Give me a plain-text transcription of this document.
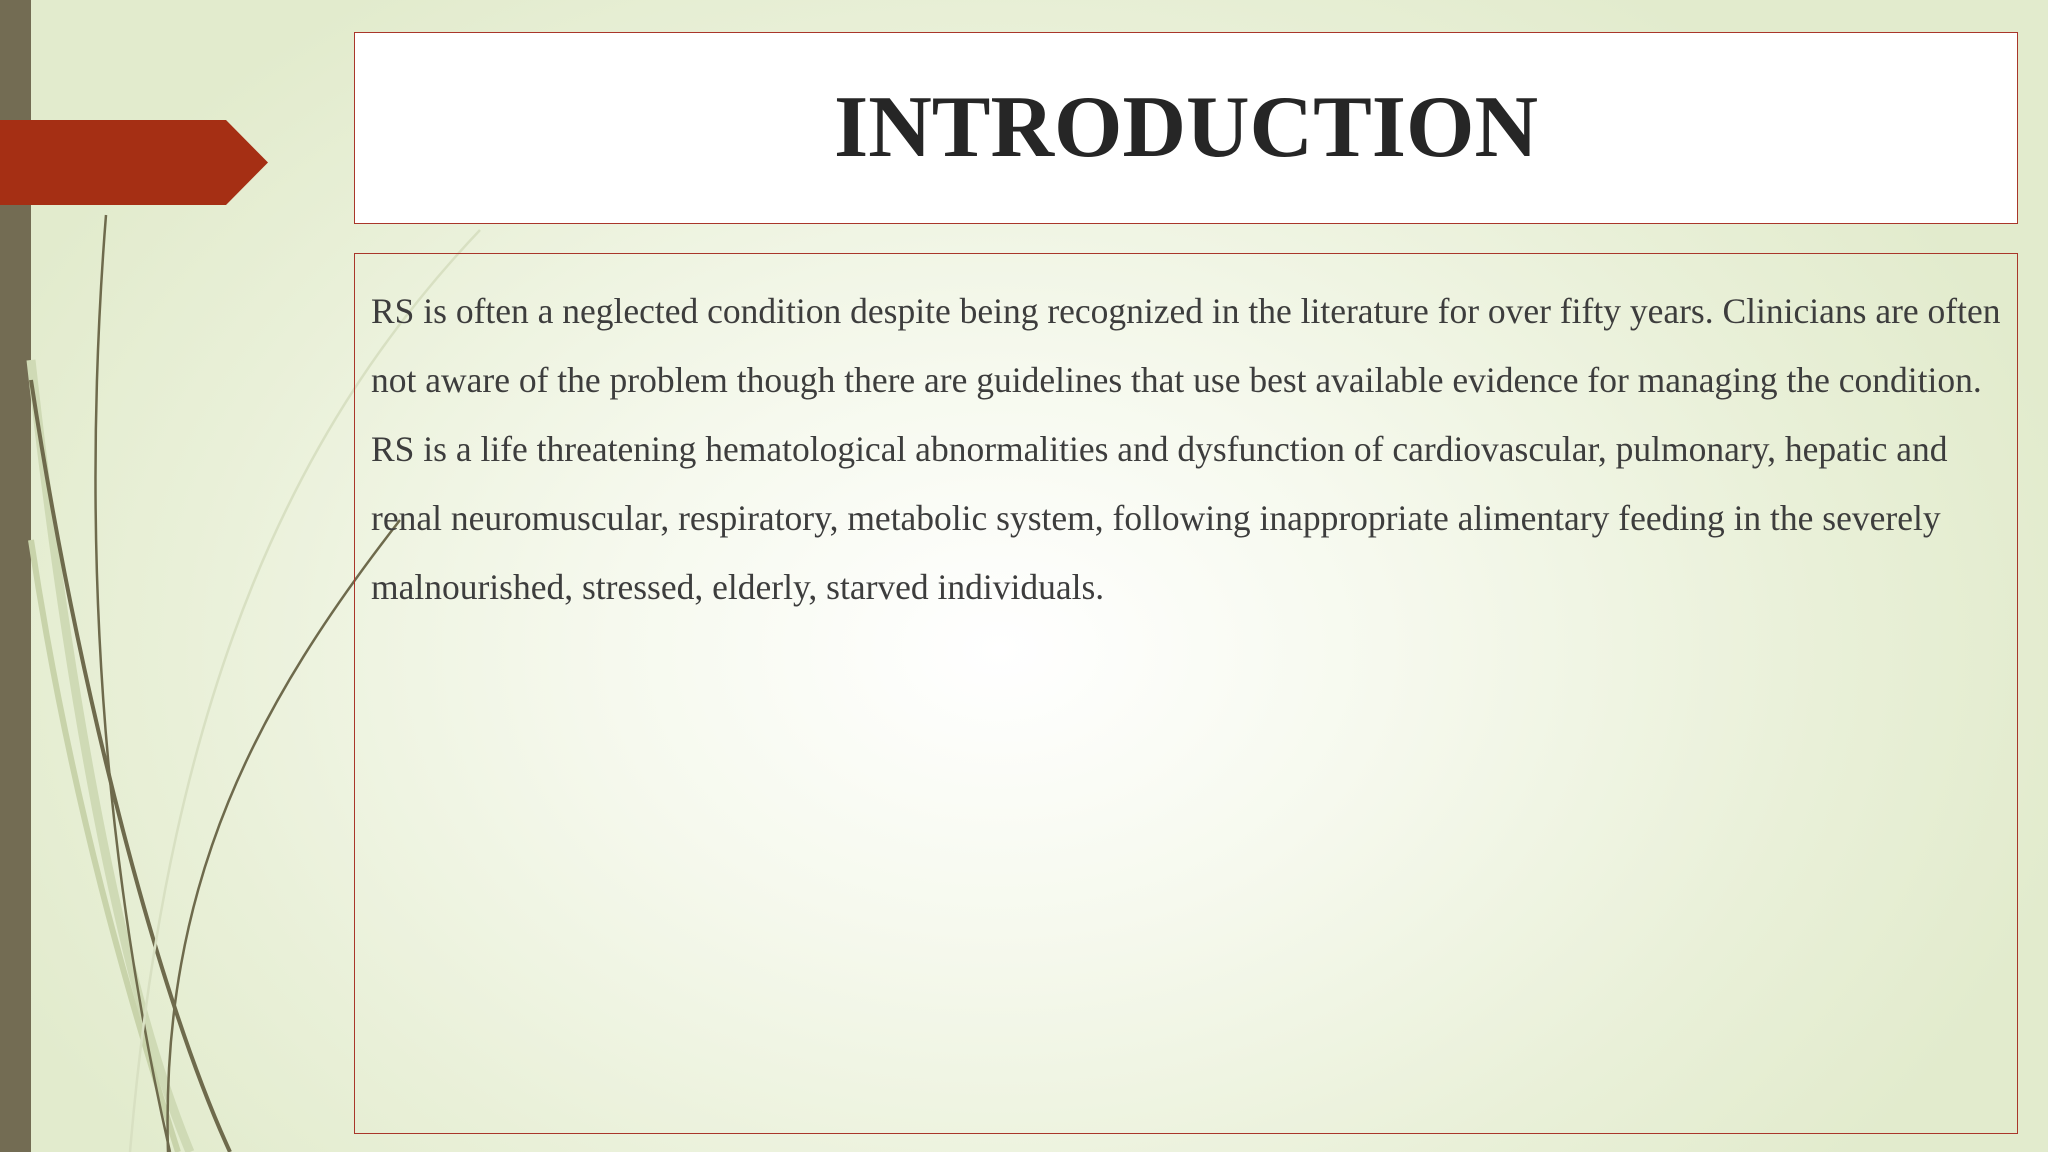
INTRODUCTION

RS is often a neglected condition despite being recognized in the literature for over fifty years. Clinicians are often not aware of the problem though there are guidelines that use best available evidence for managing the condition.

RS is a life threatening hematological abnormalities and dysfunction of cardiovascular, pulmonary, hepatic and renal neuromuscular, respiratory, metabolic system, following inappropriate alimentary feeding in the severely malnourished, stressed, elderly, starved individuals.
